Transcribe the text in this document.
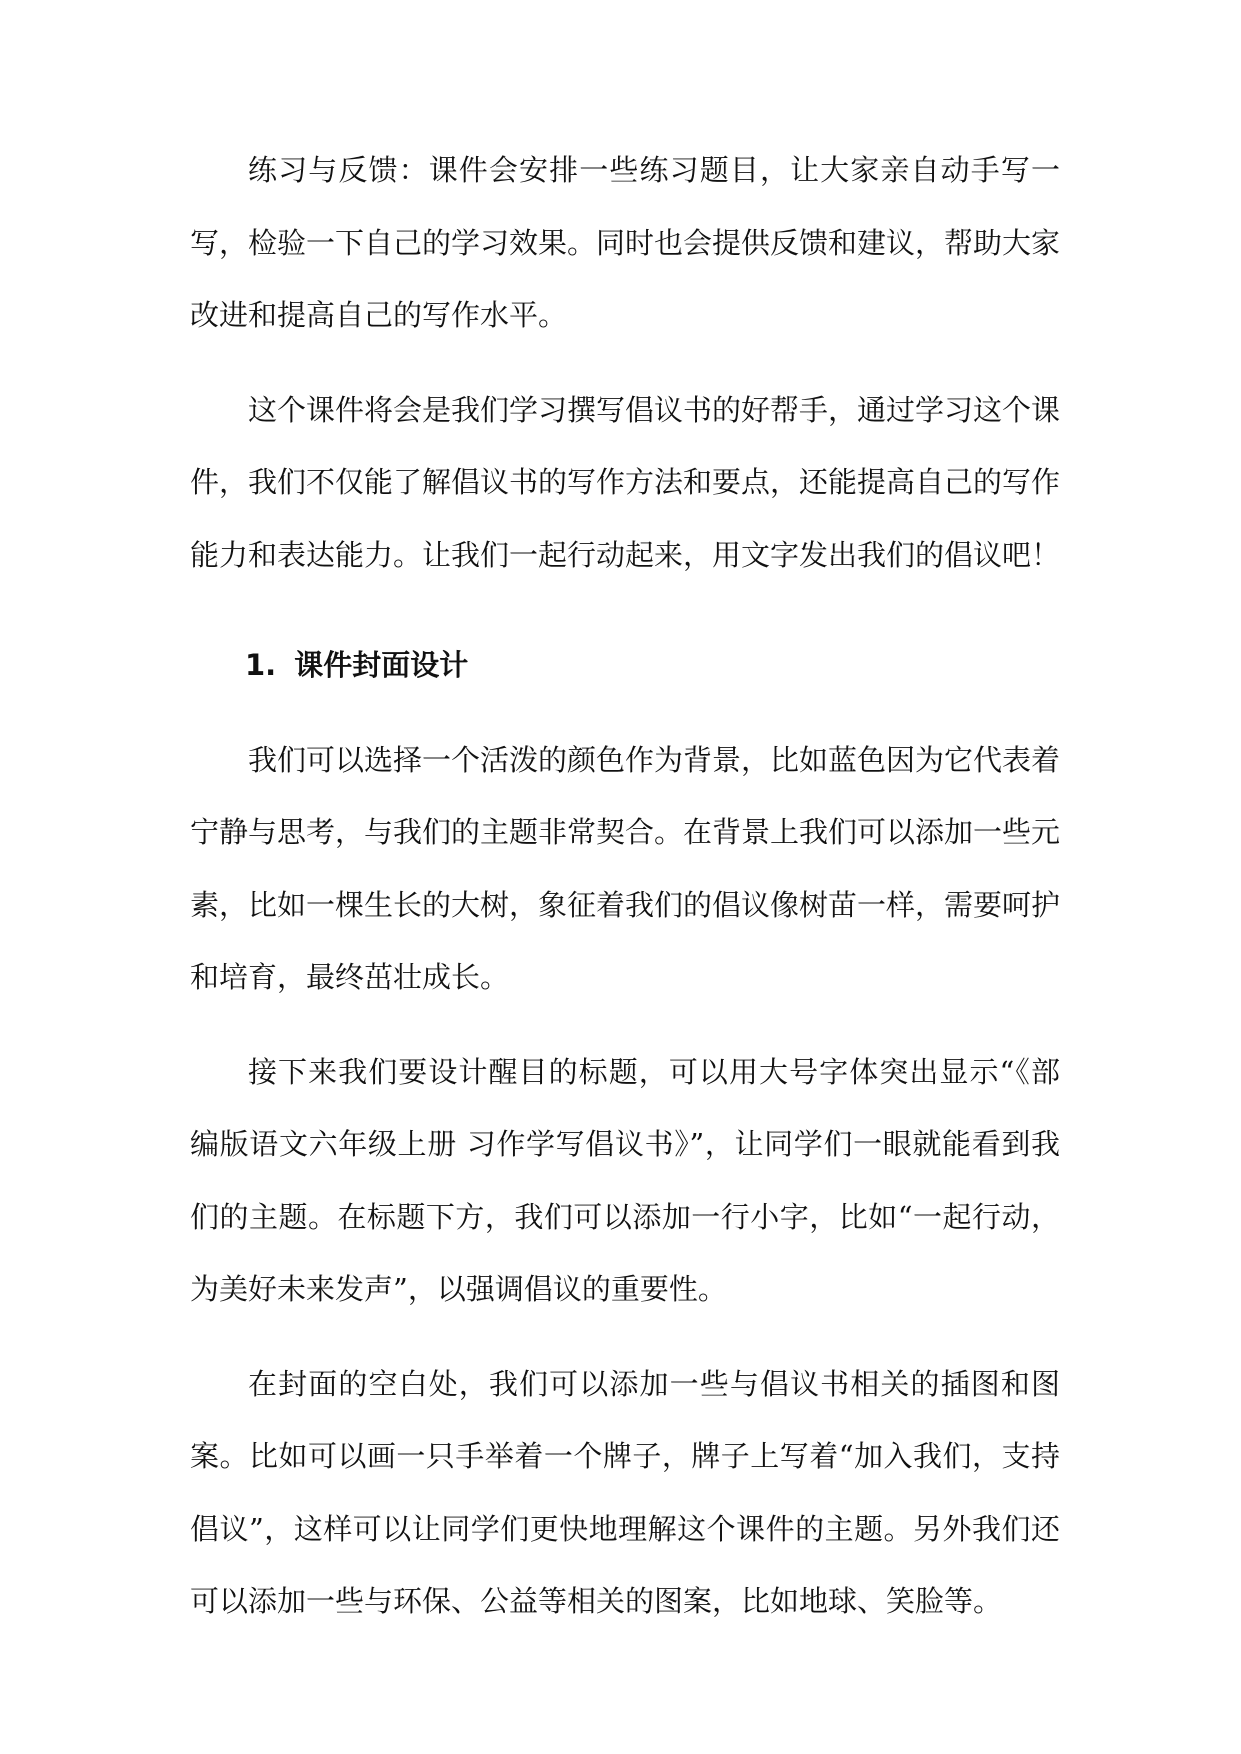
练习与反馈：课件会安排一些练习题目，让大家亲自动手写一写，检验一下自己的学习效果。同时也会提供反馈和建议，帮助大家改进和提高自己的写作水平。

这个课件将会是我们学习撰写倡议书的好帮手，通过学习这个课件，我们不仅能了解倡议书的写作方法和要点，还能提高自己的写作能力和表达能力。让我们一起行动起来，用文字发出我们的倡议吧！

1. 课件封面设计

我们可以选择一个活泼的颜色作为背景，比如蓝色因为它代表着宁静与思考，与我们的主题非常契合。在背景上我们可以添加一些元素，比如一棵生长的大树，象征着我们的倡议像树苗一样，需要呵护和培育，最终茁壮成长。

接下来我们要设计醒目的标题，可以用大号字体突出显示“《部编版语文六年级上册 习作学写倡议书》”，让同学们一眼就能看到我们的主题。在标题下方，我们可以添加一行小字，比如“一起行动，为美好未来发声”，以强调倡议的重要性。

在封面的空白处，我们可以添加一些与倡议书相关的插图和图案。比如可以画一只手举着一个牌子，牌子上写着“加入我们，支持倡议”，这样可以让同学们更快地理解这个课件的主题。另外我们还可以添加一些与环保、公益等相关的图案，比如地球、笑脸等。
